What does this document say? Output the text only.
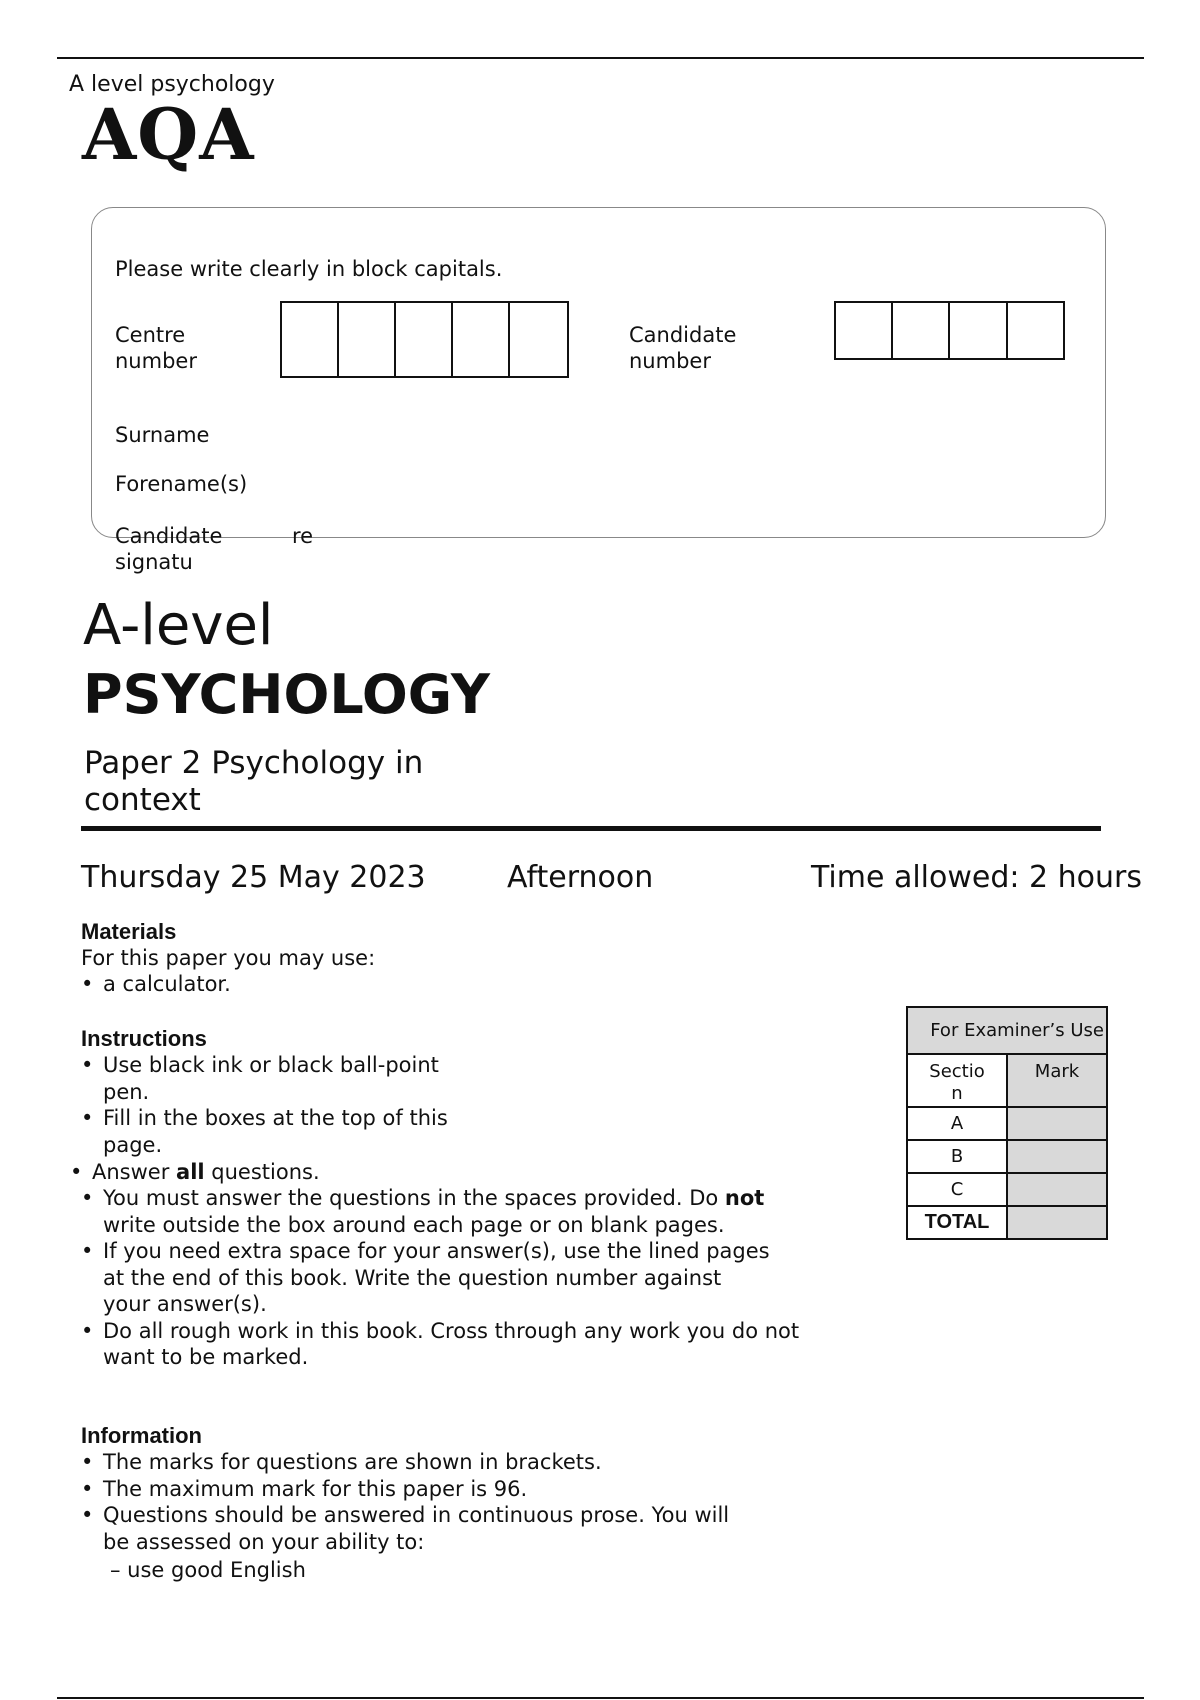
A level psychology
AQA
Please write clearly in block capitals.
Centre
number
Candidate
number
Surname
Forename(s)
Candidate	re
signatu
A-level
PSYCHOLOGY
Paper 2 Psychology in context
Thursday 25 May 2023	Afternoon	Time allowed: 2 hours
Materials
For this paper you may use:
• a calculator.
Instructions
• Use black ink or black ball-point pen.
• Fill in the boxes at the top of this page.
• Answer all questions.
• You must answer the questions in the spaces provided. Do not write outside the box around each page or on blank pages.
• If you need extra space for your answer(s), use the lined pages at the end of this book. Write the question number against your answer(s).
• Do all rough work in this book. Cross through any work you do not want to be marked.
Information
• The marks for questions are shown in brackets.
• The maximum mark for this paper is 96.
• Questions should be answered in continuous prose. You will be assessed on your ability to:
– use good English
For Examiner’s Use	

Section	Mark
A	
B	
C	
TOTAL	
